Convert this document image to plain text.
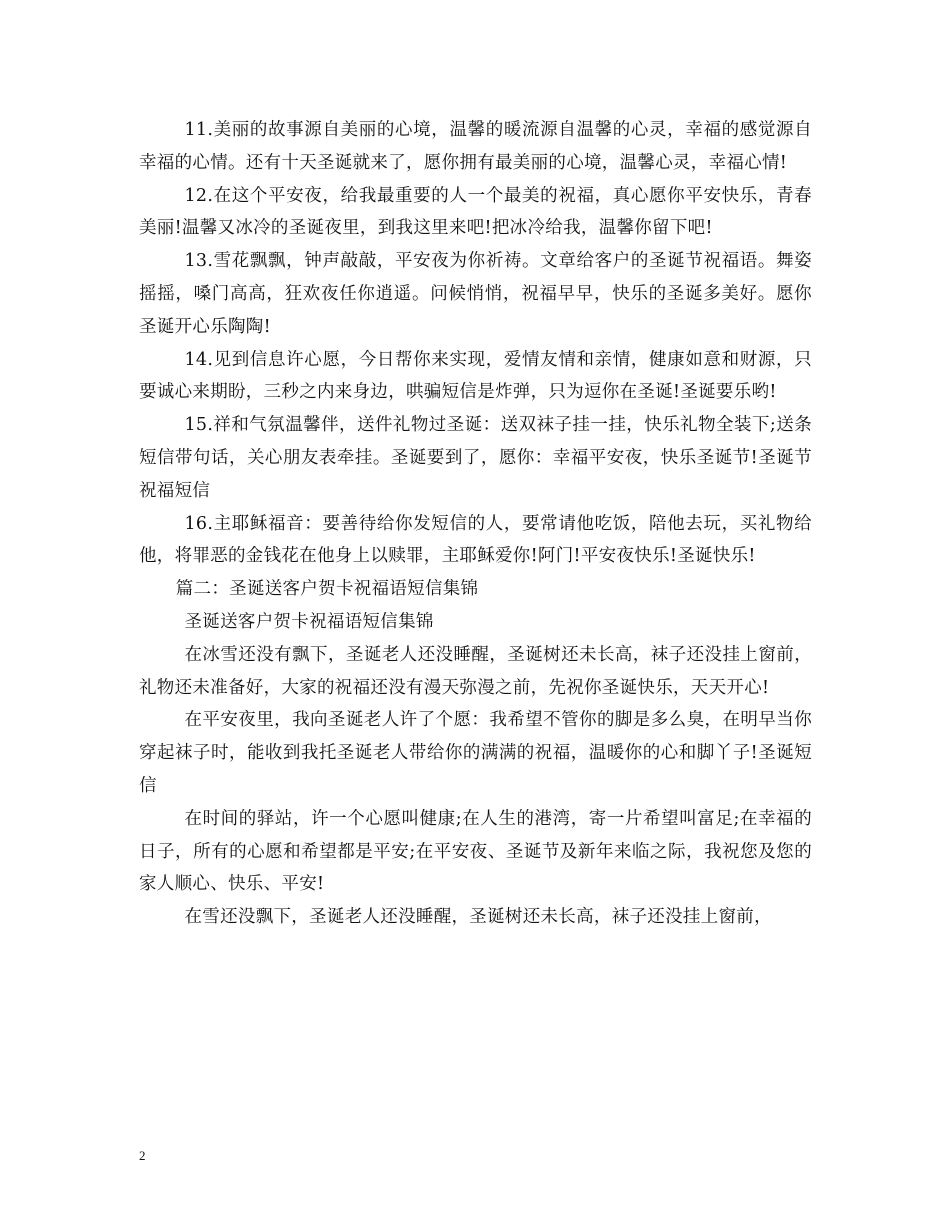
11.美丽的故事源自美丽的心境，温馨的暖流源自温馨的心灵，幸福的感觉源自幸福的心情。还有十天圣诞就来了，愿你拥有最美丽的心境，温馨心灵，幸福心情!

12.在这个平安夜，给我最重要的人一个最美的祝福，真心愿你平安快乐，青春美丽!温馨又冰冷的圣诞夜里，到我这里来吧!把冰冷给我，温馨你留下吧!

13.雪花飘飘，钟声敲敲，平安夜为你祈祷。文章给客户的圣诞节祝福语。舞姿摇摇，嗓门高高，狂欢夜任你逍遥。问候悄悄，祝福早早，快乐的圣诞多美好。愿你圣诞开心乐陶陶!

14.见到信息许心愿，今日帮你来实现，爱情友情和亲情，健康如意和财源，只要诚心来期盼，三秒之内来身边，哄骗短信是炸弹，只为逗你在圣诞!圣诞要乐哟!

15.祥和气氛温馨伴，送件礼物过圣诞：送双袜子挂一挂，快乐礼物全装下;送条短信带句话，关心朋友表牵挂。圣诞要到了，愿你：幸福平安夜，快乐圣诞节!圣诞节祝福短信

16.主耶稣福音：要善待给你发短信的人，要常请他吃饭，陪他去玩，买礼物给他，将罪恶的金钱花在他身上以赎罪，主耶稣爱你!阿门!平安夜快乐!圣诞快乐!

篇二：圣诞送客户贺卡祝福语短信集锦

圣诞送客户贺卡祝福语短信集锦

在冰雪还没有飘下，圣诞老人还没睡醒，圣诞树还未长高，袜子还没挂上窗前，礼物还未准备好，大家的祝福还没有漫天弥漫之前，先祝你圣诞快乐，天天开心!

在平安夜里，我向圣诞老人许了个愿：我希望不管你的脚是多么臭，在明早当你穿起袜子时，能收到我托圣诞老人带给你的满满的祝福，温暖你的心和脚丫子!圣诞短信

在时间的驿站，许一个心愿叫健康;在人生的港湾，寄一片希望叫富足;在幸福的日子，所有的心愿和希望都是平安;在平安夜、圣诞节及新年来临之际，我祝您及您的家人顺心、快乐、平安!

在雪还没飘下，圣诞老人还没睡醒，圣诞树还未长高，袜子还没挂上窗前，

2
